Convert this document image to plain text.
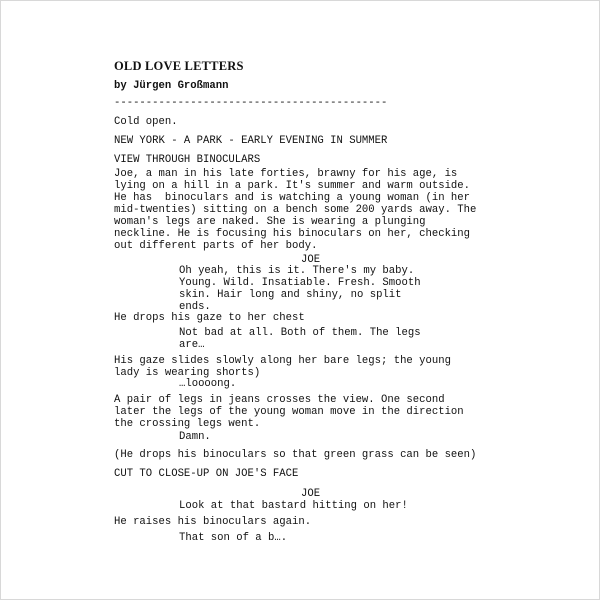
OLD LOVE LETTERS
by Jürgen Großmann
-------------------------------------------
Cold open.
NEW YORK - A PARK - EARLY EVENING IN SUMMER
VIEW THROUGH BINOCULARS
Joe, a man in his late forties, brawny for his age, is
lying on a hill in a park. It's summer and warm outside.
He has  binoculars and is watching a young woman (in her
mid-twenties) sitting on a bench some 200 yards away. The
woman's legs are naked. She is wearing a plunging
neckline. He is focusing his binoculars on her, checking
out different parts of her body.
JOE
Oh yeah, this is it. There's my baby.
Young. Wild. Insatiable. Fresh. Smooth
skin. Hair long and shiny, no split
ends.
He drops his gaze to her chest
Not bad at all. Both of them. The legs
are…
His gaze slides slowly along her bare legs; the young
lady is wearing shorts)
…loooong.
A pair of legs in jeans crosses the view. One second
later the legs of the young woman move in the direction
the crossing legs went.
Damn.
(He drops his binoculars so that green grass can be seen)
CUT TO CLOSE-UP ON JOE'S FACE
JOE
Look at that bastard hitting on her!
He raises his binoculars again.
That son of a b….
